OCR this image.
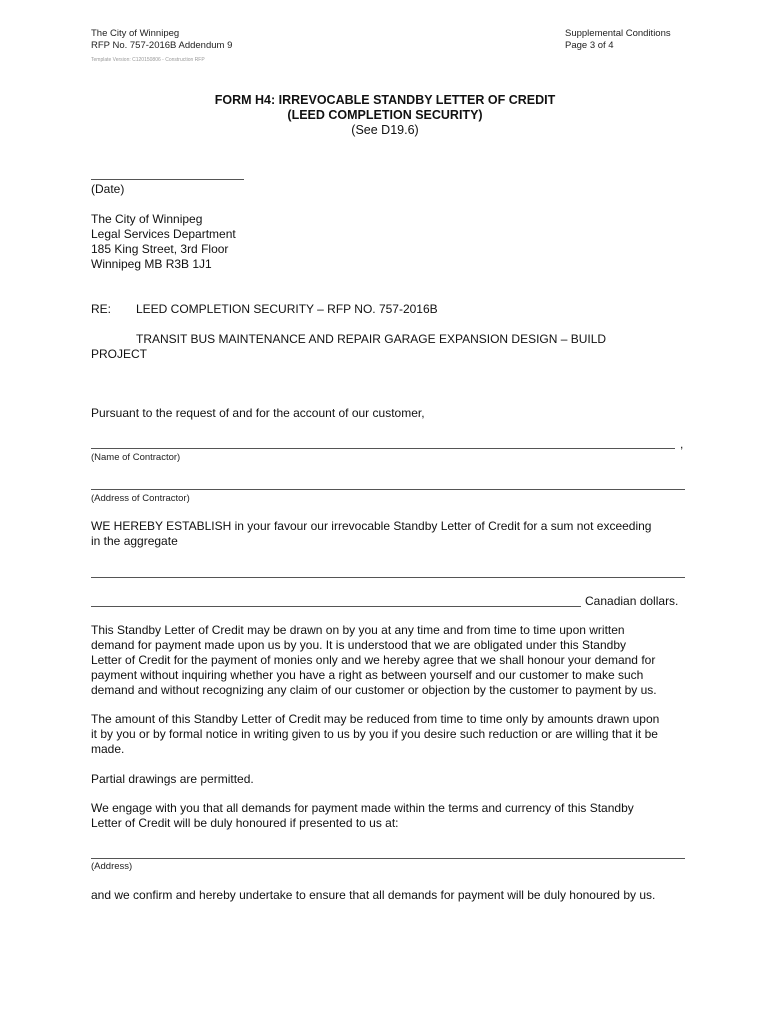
The City of Winnipeg
RFP No. 757-2016B Addendum 9
Supplemental Conditions
Page 3 of 4
Template Version: C120150806 - Construction RFP
FORM H4: IRREVOCABLE STANDBY LETTER OF CREDIT
(LEED COMPLETION SECURITY)
(See D19.6)
(Date)
The City of Winnipeg
Legal Services Department
185 King Street, 3rd Floor
Winnipeg MB R3B 1J1
RE: LEED COMPLETION SECURITY – RFP NO. 757-2016B
TRANSIT BUS MAINTENANCE AND REPAIR GARAGE EXPANSION DESIGN – BUILD
PROJECT
Pursuant to the request of and for the account of our customer,
,
(Name of Contractor)
(Address of Contractor)
WE HEREBY ESTABLISH in your favour our irrevocable Standby Letter of Credit for a sum not exceeding
in the aggregate
Canadian dollars.
This Standby Letter of Credit may be drawn on by you at any time and from time to time upon written
demand for payment made upon us by you. It is understood that we are obligated under this Standby
Letter of Credit for the payment of monies only and we hereby agree that we shall honour your demand for
payment without inquiring whether you have a right as between yourself and our customer to make such
demand and without recognizing any claim of our customer or objection by the customer to payment by us.
The amount of this Standby Letter of Credit may be reduced from time to time only by amounts drawn upon
it by you or by formal notice in writing given to us by you if you desire such reduction or are willing that it be
made.
Partial drawings are permitted.
We engage with you that all demands for payment made within the terms and currency of this Standby
Letter of Credit will be duly honoured if presented to us at:
(Address)
and we confirm and hereby undertake to ensure that all demands for payment will be duly honoured by us.
